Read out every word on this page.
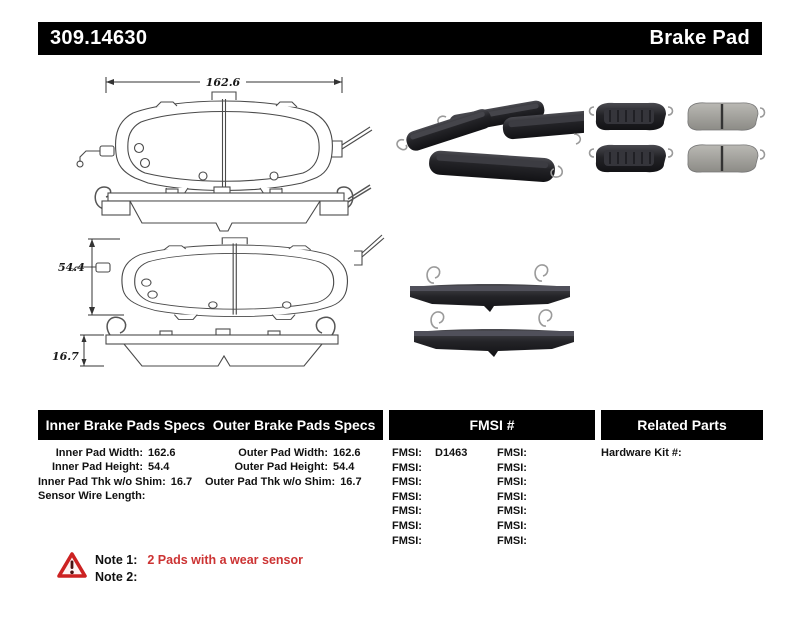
309.14630	Brake Pad
162.6
54.4
16.7
Inner Brake Pads Specs Outer Brake Pads Specs	FMSI #	Related Parts
Inner Pad Width: 162.6
Inner Pad Height: 54.4
Inner Pad Thk w/o Shim: 16.7
Sensor Wire Length:
Outer Pad Width: 162.6
Outer Pad Height: 54.4
Outer Pad Thk w/o Shim: 16.7
FMSI:	D1463
FMSI:
FMSI:
FMSI:
FMSI:
FMSI:
FMSI:
FMSI:
FMSI:
FMSI:
FMSI:
FMSI:
FMSI:
FMSI:
Hardware Kit #:
Note 1: 2 Pads with a wear sensor
Note 2:
